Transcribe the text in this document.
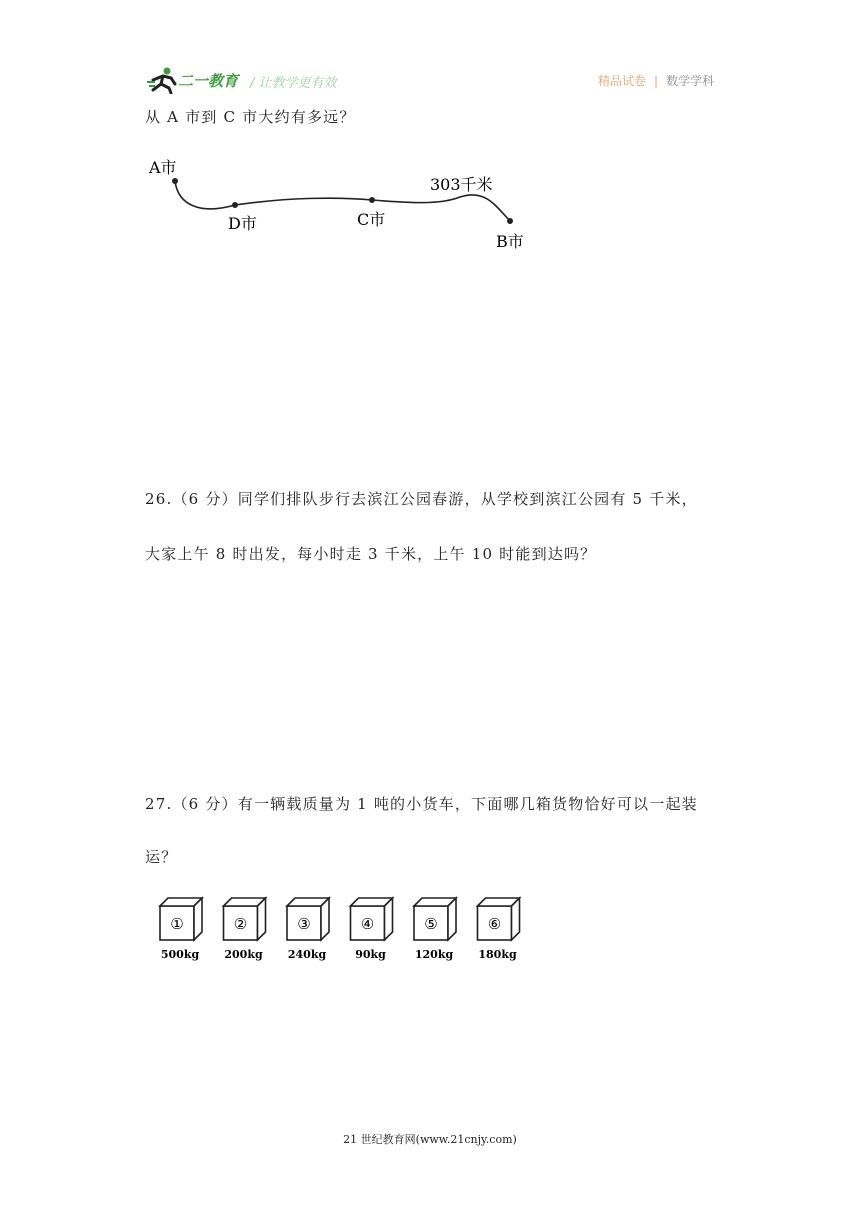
二一教育 / 让教学更有效	精品试卷 | 数学学科
从 A 市到 C 市大约有多远？
A市
D市	C市
B市
303千米
26.（6 分）同学们排队步行去滨江公园春游，从学校到滨江公园有 5 千米，
大家上午 8 时出发，每小时走 3 千米，上午 10 时能到达吗？
27.（6 分）有一辆载质量为 1 吨的小货车，下面哪几箱货物恰好可以一起装
运？
①
500kg
②
200kg
③
240kg
④
90kg
⑤
120kg
⑥
180kg
21 世纪教育网(www.21cnjy.com)
